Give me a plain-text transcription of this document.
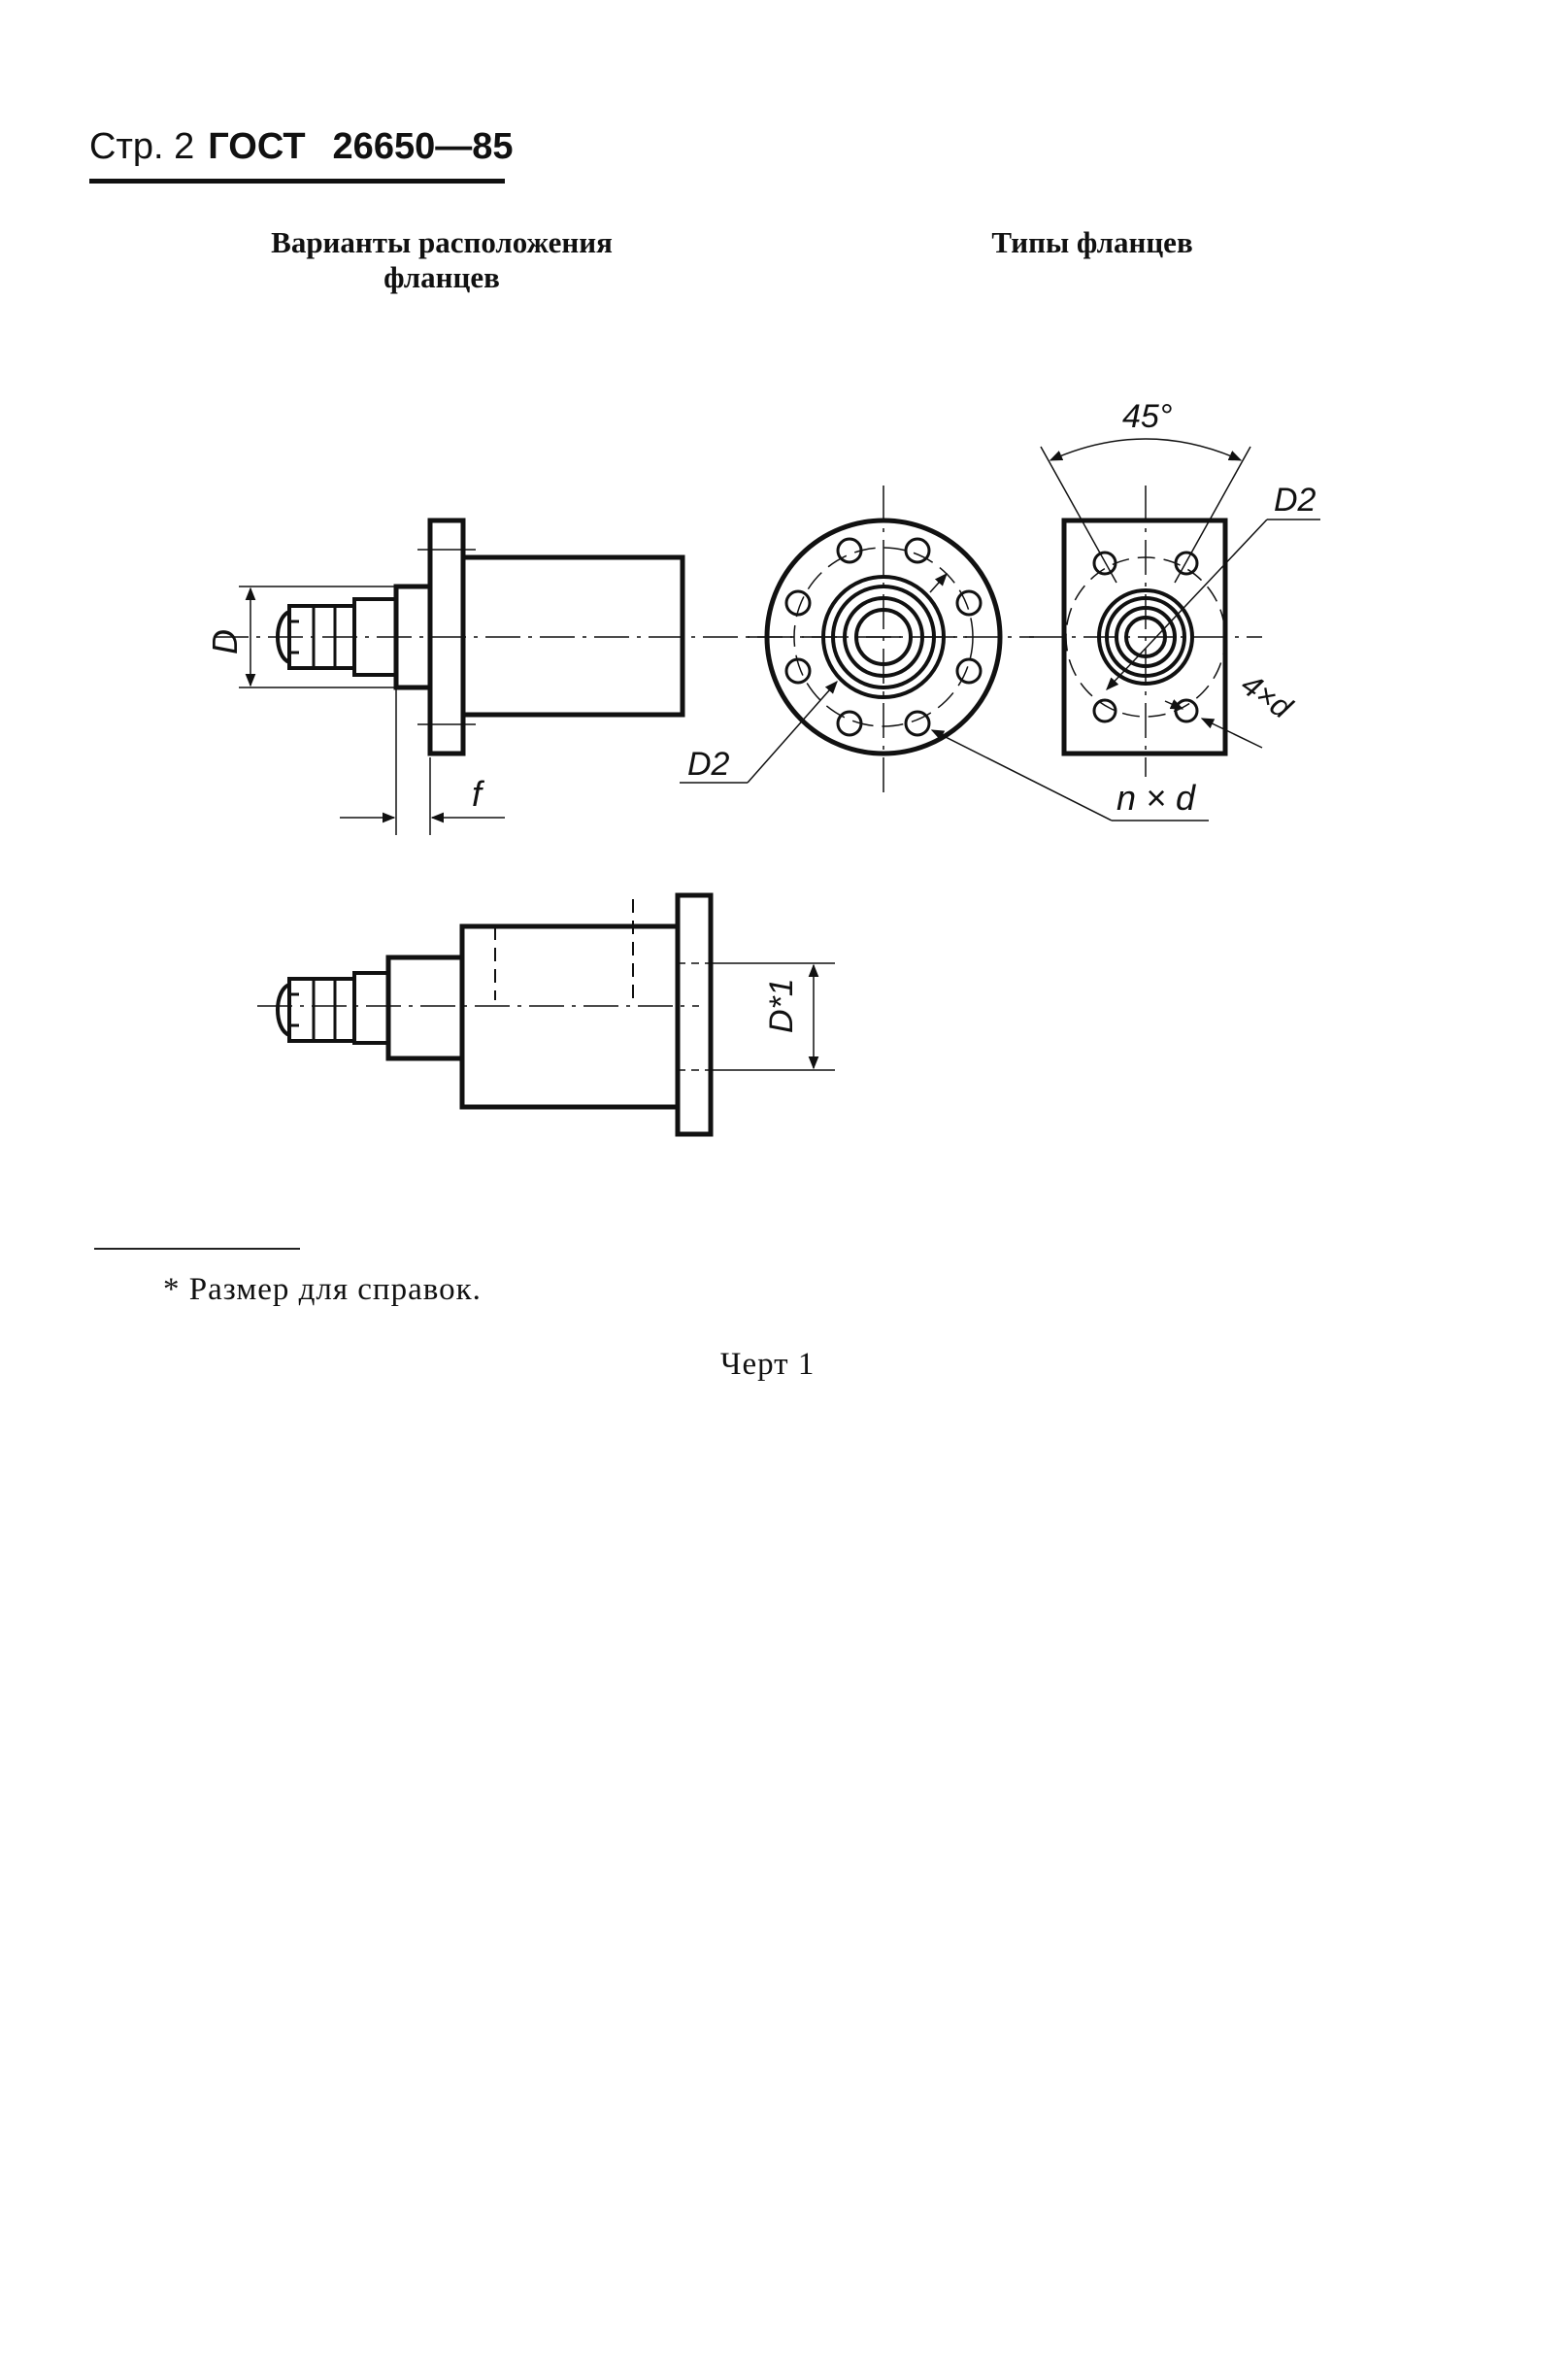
Стр. 2 ГОСТ 26650—85
Варианты расположения
фланцев
Типы фланцев
D
f
D2
n × d
45°
D2
4×d
D*1
* Размер для справок.
Черт 1
